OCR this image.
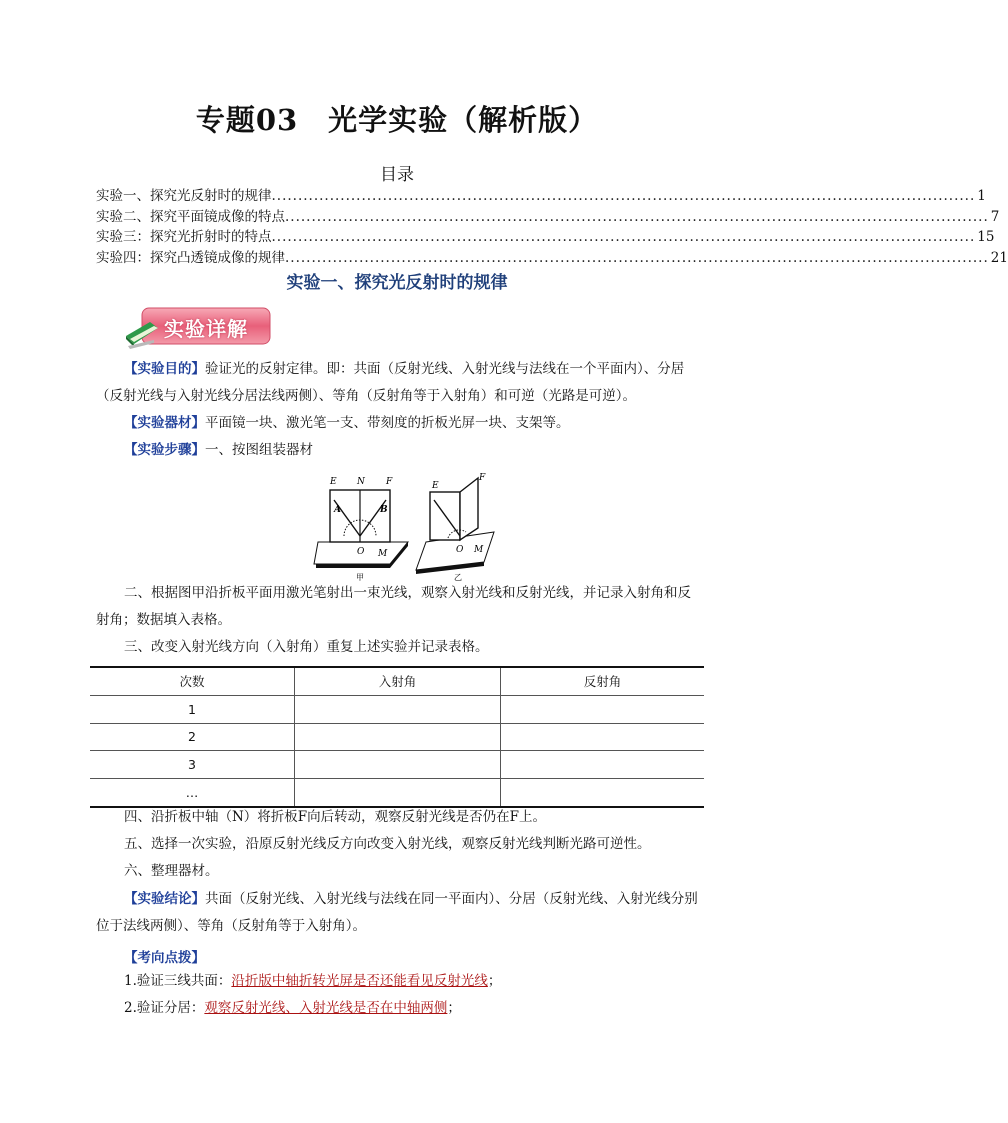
专题03　光学实验（解析版）
目录
实验一、探究光反射时的规律 ..................................................................................................................................... 1
实验二、探究平面镜成像的特点 ..................................................................................................................................... 7
实验三：探究光折射时的特点 ..................................................................................................................................... 15
实验四：探究凸透镜成像的规律 ..................................................................................................................................... 21
实验一、探究光反射时的规律
实验详解
【实验目的】验证光的反射定律。即：共面（反射光线、入射光线与法线在一个平面内）、分居（反射光线与入射光线分居法线两侧）、等角（反射角等于入射角）和可逆（光路是可逆）。
【实验器材】平面镜一块、激光笔一支、带刻度的折板光屏一块、支架等。
【实验步骤】一、按图组装器材
E N F
A	B
O M
甲
E
F
O M
乙
二、根据图甲沿折板平面用激光笔射出一束光线，观察入射光线和反射光线，并记录入射角和反射角；数据填入表格。
三、改变入射光线方向（入射角）重复上述实验并记录表格。
次数	入射角	反射角
1		
2		
3		
…		
四、沿折板中轴（N）将折板F向后转动，观察反射光线是否仍在F上。
五、选择一次实验，沿原反射光线反方向改变入射光线，观察反射光线判断光路可逆性。
六、整理器材。
【实验结论】共面（反射光线、入射光线与法线在同一平面内）、分居（反射光线、入射光线分别位于法线两侧）、等角（反射角等于入射角）。
【考向点拨】
1.验证三线共面：沿折版中轴折转光屏是否还能看见反射光线；
2.验证分居：观察反射光线、入射光线是否在中轴两侧；
